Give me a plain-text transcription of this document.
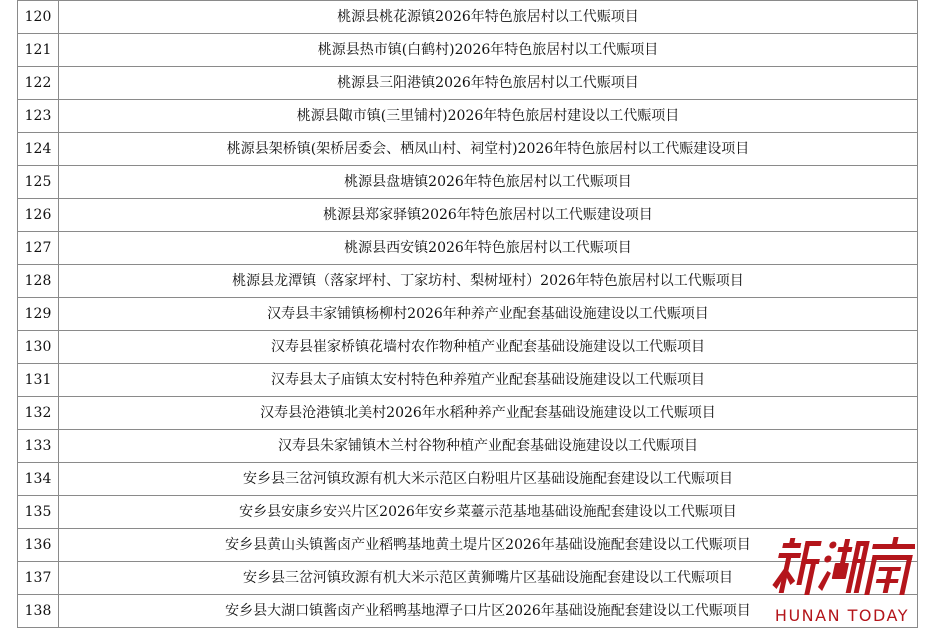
120	桃源县桃花源镇2026年特色旅居村以工代赈项目
121	桃源县热市镇(白鹤村)2026年特色旅居村以工代赈项目
122	桃源县三阳港镇2026年特色旅居村以工代赈项目
123	桃源县陬市镇(三里铺村)2026年特色旅居村建设以工代赈项目
124	桃源县架桥镇(架桥居委会、栖凤山村、祠堂村)2026年特色旅居村以工代赈建设项目
125	桃源县盘塘镇2026年特色旅居村以工代赈项目
126	桃源县郑家驿镇2026年特色旅居村以工代赈建设项目
127	桃源县西安镇2026年特色旅居村以工代赈项目
128	桃源县龙潭镇（落家坪村、丁家坊村、梨树垭村）2026年特色旅居村以工代赈项目
129	汉寿县丰家铺镇杨柳村2026年种养产业配套基础设施建设以工代赈项目
130	汉寿县崔家桥镇花墙村农作物种植产业配套基础设施建设以工代赈项目
131	汉寿县太子庙镇太安村特色种养殖产业配套基础设施建设以工代赈项目
132	汉寿县沧港镇北美村2026年水稻种养产业配套基础设施建设以工代赈项目
133	汉寿县朱家铺镇木兰村谷物种植产业配套基础设施建设以工代赈项目
134	安乡县三岔河镇玫源有机大米示范区白粉咀片区基础设施配套建设以工代赈项目
135	安乡县安康乡安兴片区2026年安乡菜薹示范基地基础设施配套建设以工代赈项目
136	安乡县黄山头镇酱卤产业稻鸭基地黄土堤片区2026年基础设施配套建设以工代赈项目
137	安乡县三岔河镇玫源有机大米示范区黄狮嘴片区基础设施配套建设以工代赈项目
138	安乡县大湖口镇酱卤产业稻鸭基地潭子口片区2026年基础设施配套建设以工代赈项目 HUNAN TODAY
